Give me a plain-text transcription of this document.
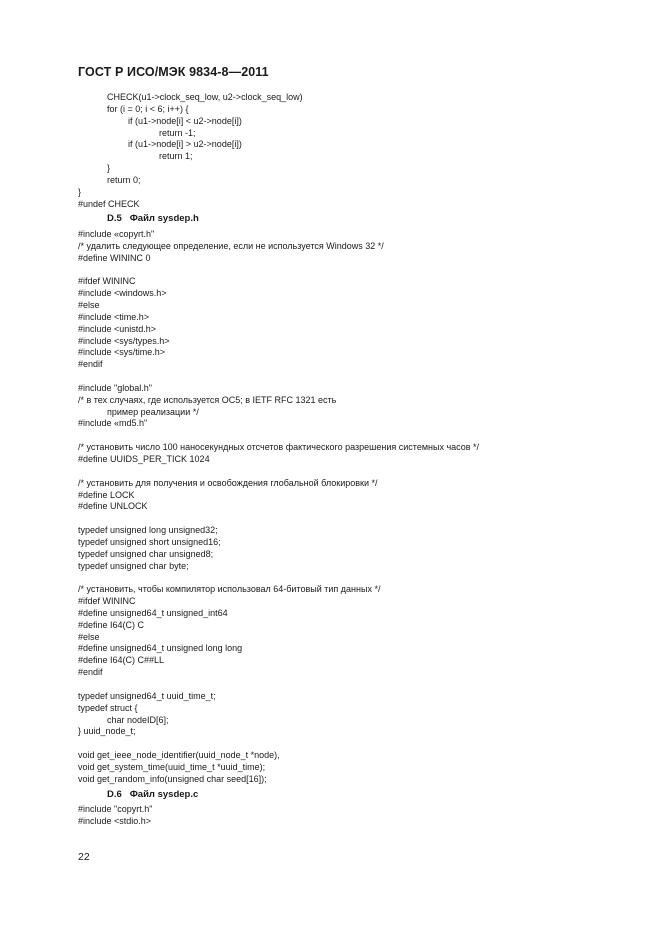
ГОСТ Р ИСО/МЭК 9834-8—2011
CHECK(u1->clock_seq_low, u2->clock_seq_low)
for (i = 0; i < 6; i++) {
if (u1->node[i] < u2->node[i])
return -1;
if (u1->node[i] > u2->node[i])
return 1;
}
return 0;
}
#undef CHECK
D.5   Файл sysdep.h
#include «copyrt.h"
/* удалить следующее определение, если не используется Windows 32 */
#define WININC 0
#ifdef WININC
#include <windows.h>
#else
#include <time.h>
#include <unistd.h>
#include <sys/types.h>
#include <sys/time.h>
#endif
#include "global.h"
/* в тех случаях, где используется OC5; в IETF RFC 1321 есть
пример реализации */
#include «md5.h"
/* установить число 100 наносекундных отсчетов фактического разрешения системных часов */
#define UUIDS_PER_TICK 1024
/* установить для получения и освобождения глобальной блокировки */
#define LOCK
#define UNLOCK
typedef unsigned long unsigned32;
typedef unsigned short unsigned16;
typedef unsigned char unsigned8;
typedef unsigned char byte;
/* установить, чтобы компилятор использовал 64-битовый тип данных */
#ifdef WININC
#define unsigned64_t unsigned_int64
#define I64(C) C
#else
#define unsigned64_t unsigned long long
#define I64(C) C##LL
#endif
typedef unsigned64_t uuid_time_t;
typedef struct {
char nodeID[6];
} uuid_node_t;
void get_ieee_node_identifier(uuid_node_t *node),
void get_system_time(uuid_time_t *uuid_time);
void get_random_info(unsigned char seed[16]);
D.6   Файл sysdep.c
#include "copyrt.h"
#include <stdio.h>
22
